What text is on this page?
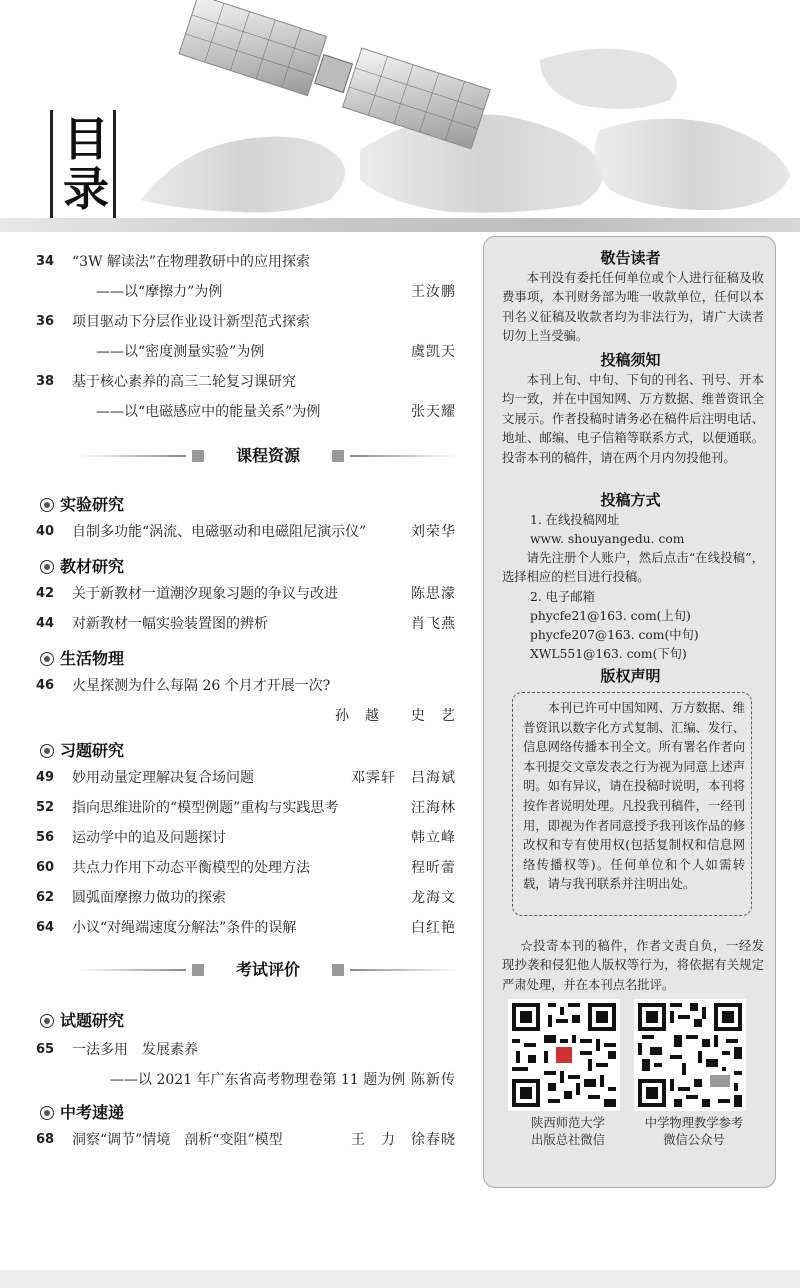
目
录
34 “3W 解读法”在物理教研中的应用探索
——以“摩擦力”为例	王汝鹏
36 项目驱动下分层作业设计新型范式探索
——以“密度测量实验”为例	虞凯天
38 基于核心素养的高三二轮复习课研究
——以“电磁感应中的能量关系”为例	张天耀
课程资源
实验研究
40 自制多功能“涡流、电磁驱动和电磁阻尼演示仪”	刘荣华
教材研究
42 关于新教材一道潮汐现象习题的争议与改进	陈思濛
44 对新教材一幅实验装置图的辨析	肖飞燕
生活物理
46 火星探测为什么每隔 26 个月才开展一次?
孙　越 史　艺
习题研究
49 妙用动量定理解决复合场问题	邓霁轩 吕海斌
52 指向思维进阶的“模型例题”重构与实践思考	汪海林
56 运动学中的追及问题探讨	韩立峰
60 共点力作用下动态平衡模型的处理方法	程昕蕾
62 圆弧面摩擦力做功的探索	龙海文
64 小议“对绳端速度分解法”条件的误解	白红艳
考试评价
试题研究
65 一法多用　发展素养
——以 2021 年广东省高考物理卷第 11 题为例 陈新传
中考速递
68 洞察“调节”情境　剖析“变阻”模型	王　力 徐春晓
敬告读者

本刊没有委托任何单位或个人进行征稿及收费事项，本刊财务部为唯一收款单位，任何以本刊名义征稿及收款者均为非法行为，请广大读者切勿上当受骗。

投稿须知

本刊上旬、中旬、下旬的刊名、刊号、开本均一致，并在中国知网、万方数据、维普资讯全文展示。作者投稿时请务必在稿件后注明电话、地址、邮编、电子信箱等联系方式，以便通联。投寄本刊的稿件，请在两个月内勿投他刊。

投稿方式
1. 在线投稿网址
www. shouyangedu. com

请先注册个人账户，然后点击“在线投稿”，选择相应的栏目进行投稿。

2. 电子邮箱
phycfe21@163. com(上旬)
phycfe207@163. com(中旬)
XWL551@163. com(下旬)
版权声明

本刊已许可中国知网、万方数据、维普资讯以数字化方式复制、汇编、发行、信息网络传播本刊全文。所有署名作者向本刊提交文章发表之行为视为同意上述声明。如有异议，请在投稿时说明，本刊将按作者说明处理。凡投我刊稿件，一经刊用，即视为作者同意授予我刊该作品的修改权和专有使用权(包括复制权和信息网络传播权等)。任何单位和个人如需转载，请与我刊联系并注明出处。

☆投寄本刊的稿件，作者文责自负，一经发现抄袭和侵犯他人版权等行为，将依据有关规定严肃处理，并在本刊点名批评。

陕西师范大学
出版总社微信
中学物理教学参考
微信公众号
